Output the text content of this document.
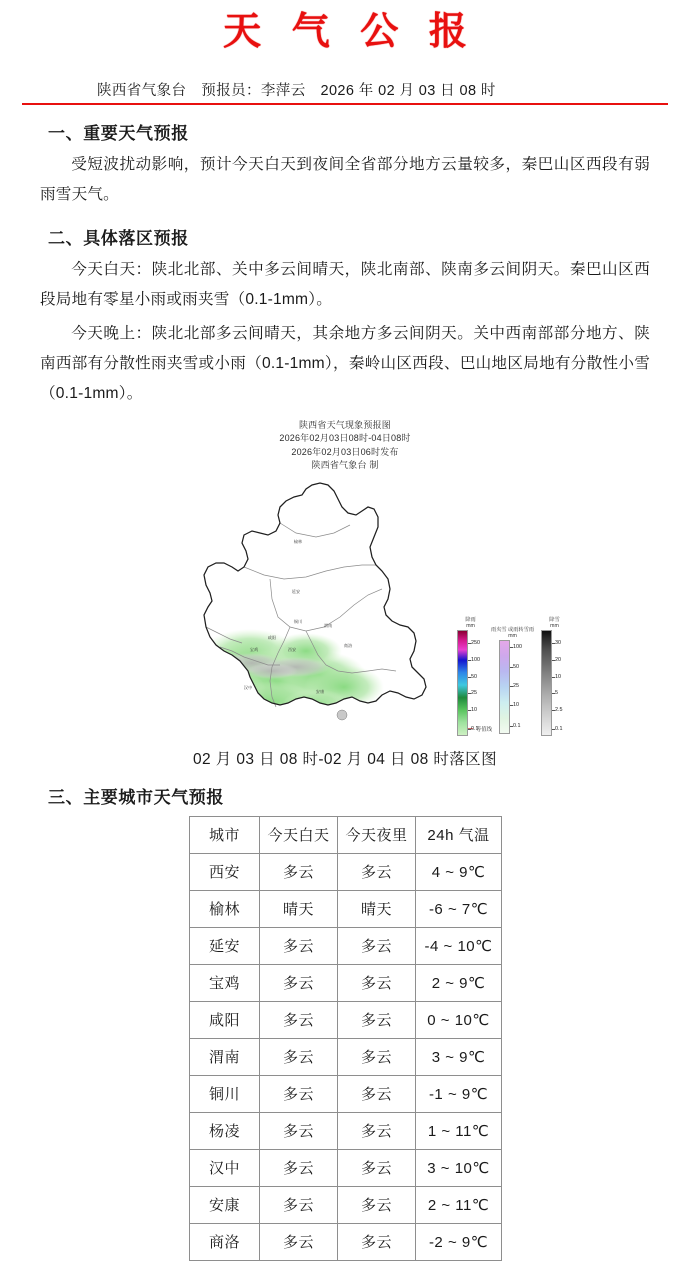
天 气 公 报
陕西省气象台　预报员：李萍云　2026 年 02 月 03 日 08 时
一、重要天气预报

受短波扰动影响，预计今天白天到夜间全省部分地方云量较多，秦巴山区西段有弱雨雪天气。

二、具体落区预报

今天白天：陕北北部、关中多云间晴天，陕北南部、陕南多云间阴天。秦巴山区西段局地有零星小雨或雨夹雪（0.1-1mm）。

今天晚上：陕北北部多云间晴天，其余地方多云间阴天。关中西南部部分地方、陕南西部有分散性雨夹雪或小雨（0.1-1mm），秦岭山区西段、巴山地区局地有分散性小雪（0.1-1mm）。

陕西省天气现象预报图
2026年02月03日08时-04日08时
2026年02月03日06时发布
陕西省气象台 制
榆林
延安
铜川
渭南
宝鸡	西安
汉中
安康
商洛
咸阳
等值线
降雨
mm
250
100
50
25
10
0.1
雨夹雪 或雨转雪雨
mm
100
50
25
10
0.1
降雪
mm
30
20
10
5
2.5
0.1
02 月 03 日 08 时-02 月 04 日 08 时落区图
三、主要城市天气预报
城市	今天白天	今天夜里	24h 气温
西安	多云	多云	4 ~ 9℃
榆林	晴天	晴天	-6 ~ 7℃
延安	多云	多云	-4 ~ 10℃
宝鸡	多云	多云	2 ~ 9℃
咸阳	多云	多云	0 ~ 10℃
渭南	多云	多云	3 ~ 9℃
铜川	多云	多云	-1 ~ 9℃
杨凌	多云	多云	1 ~ 11℃
汉中	多云	多云	3 ~ 10℃
安康	多云	多云	2 ~ 11℃
商洛	多云	多云	-2 ~ 9℃
